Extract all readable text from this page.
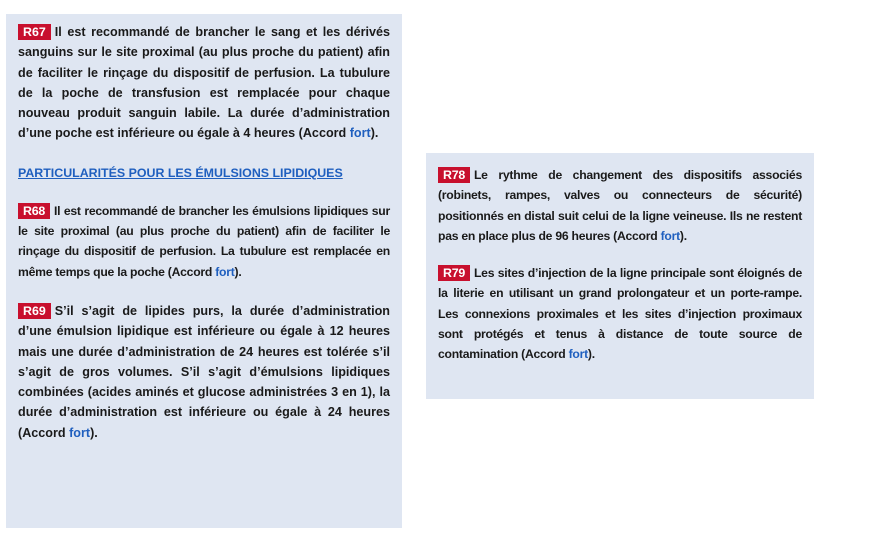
R67 Il est recommandé de brancher le sang et les dérivés sanguins sur le site proximal (au plus proche du patient) afin de faciliter le rinçage du dispositif de perfusion. La tubulure de la poche de transfusion est remplacée pour chaque nouveau produit sanguin labile. La durée d’administration d’une poche est inférieure ou égale à 4 heures (Accord fort).

PARTICULARITÉS POUR LES ÉMULSIONS LIPIDIQUES

R68 Il est recommandé de brancher les émulsions lipidiques sur le site proximal (au plus proche du patient) afin de faciliter le rinçage du dispositif de perfusion. La tubulure est remplacée en même temps que la poche (Accord fort).

R69 S’il s’agit de lipides purs, la durée d’administration d’une émulsion lipidique est inférieure ou égale à 12 heures mais une durée d’administration de 24 heures est tolérée s’il s’agit de gros volumes. S’il s’agit d’émulsions lipidiques combinées (acides aminés et glucose administrées 3 en 1), la durée d’administration est inférieure ou égale à 24 heures (Accord fort).

R78 Le rythme de changement des dispositifs associés (robinets, rampes, valves ou connecteurs de sécurité) positionnés en distal suit celui de la ligne veineuse. Ils ne restent pas en place plus de 96 heures (Accord fort).

R79 Les sites d’injection de la ligne principale sont éloignés de la literie en utilisant un grand prolongateur et un porte-rampe. Les connexions proximales et les sites d’injection proximaux sont protégés et tenus à distance de toute source de contamination (Accord fort).
